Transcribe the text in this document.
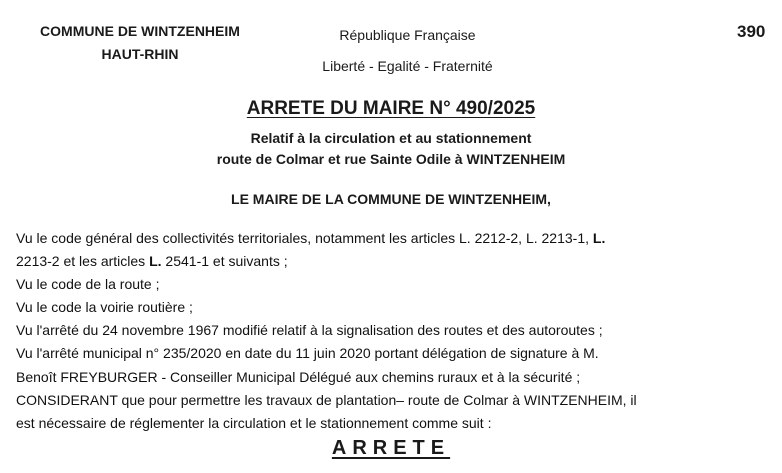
COMMUNE DE WINTZENHEIM
HAUT-RHIN
République Française
Liberté - Egalité - Fraternité
390
ARRETE DU MAIRE N° 490/2025
Relatif à la circulation et au stationnement
route de Colmar et rue Sainte Odile à WINTZENHEIM
LE MAIRE DE LA COMMUNE DE WINTZENHEIM,
Vu le code général des collectivités territoriales, notamment les articles L. 2212-2, L. 2213-1, L.
2213-2 et les articles L. 2541-1 et suivants ;
Vu le code de la route ;
Vu le code la voirie routière ;
Vu l'arrêté du 24 novembre 1967 modifié relatif à la signalisation des routes et des autoroutes ;
Vu l'arrêté municipal n° 235/2020 en date du 11 juin 2020 portant délégation de signature à M.
Benoît FREYBURGER - Conseiller Municipal Délégué aux chemins ruraux et à la sécurité ;
CONSIDERANT que pour permettre les travaux de plantation– route de Colmar à WINTZENHEIM, il
est nécessaire de réglementer la circulation et le stationnement comme suit :
ARRETE
